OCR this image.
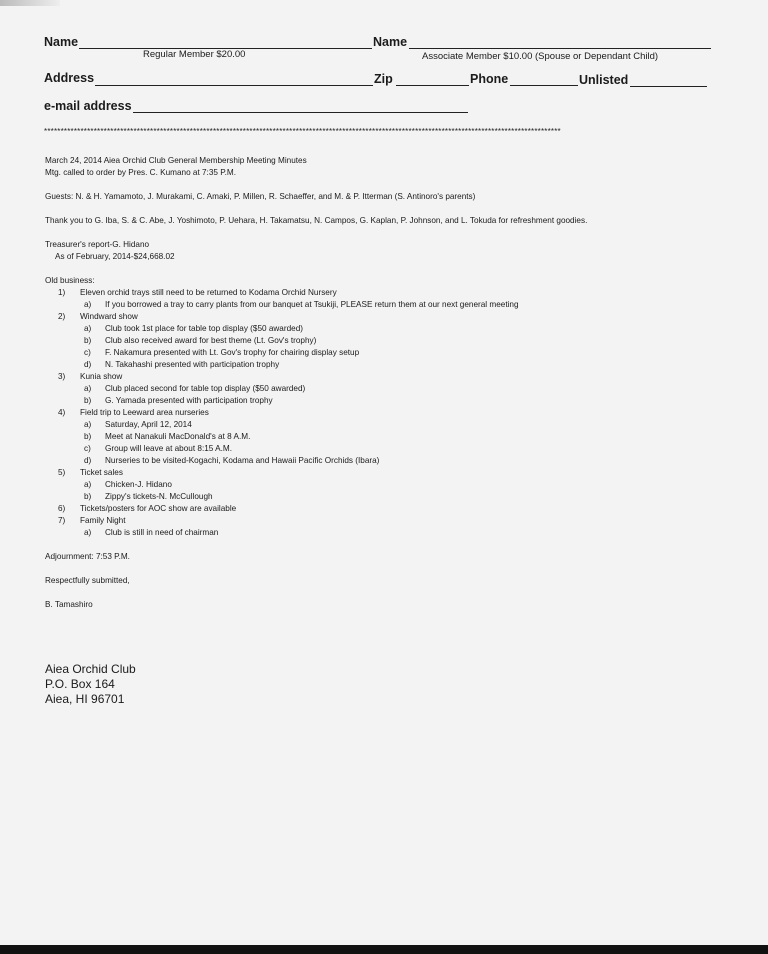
Name	Name
Regular Member $20.00	Associate Member $10.00 (Spouse or Dependant Child)
Address	Zip	Phone	Unlisted
e-mail address
************************************************************************************************************************************************************
March 24, 2014 Aiea Orchid Club General Membership Meeting Minutes
Mtg. called to order by Pres. C. Kumano at 7:35 P.M.
Guests: N. & H. Yamamoto, J. Murakami, C. Amaki, P. Millen, R. Schaeffer, and M. & P. Itterman (S. Antinoro's parents)
Thank you to G. Iba, S. & C. Abe, J. Yoshimoto, P. Uehara, H. Takamatsu, N. Campos, G. Kaplan, P. Johnson, and L. Tokuda for refreshment goodies.
Treasurer's report-G. Hidano
As of February, 2014-$24,668.02
Old business:
1) Eleven orchid trays still need to be returned to Kodama Orchid Nursery
a) If you borrowed a tray to carry plants from our banquet at Tsukiji, PLEASE return them at our next general meeting
2) Windward show
a) Club took 1st place for table top display ($50 awarded)
b) Club also received award for best theme (Lt. Gov's trophy)
c) F. Nakamura presented with Lt. Gov's trophy for chairing display setup
d) N. Takahashi presented with participation trophy
3) Kunia show
a) Club placed second for table top display ($50 awarded)
b) G. Yamada presented with participation trophy
4) Field trip to Leeward area nurseries
a) Saturday, April 12, 2014
b) Meet at Nanakuli MacDonald's at 8 A.M.
c) Group will leave at about 8:15 A.M.
d) Nurseries to be visited-Kogachi, Kodama and Hawaii Pacific Orchids (Ibara)
5) Ticket sales
a) Chicken-J. Hidano
b) Zippy's tickets-N. McCullough
6) Tickets/posters for AOC show are available
7) Family Night
a) Club is still in need of chairman
Adjournment: 7:53 P.M.
Respectfully submitted,
B. Tamashiro
Aiea Orchid Club
P.O. Box 164
Aiea, HI 96701
